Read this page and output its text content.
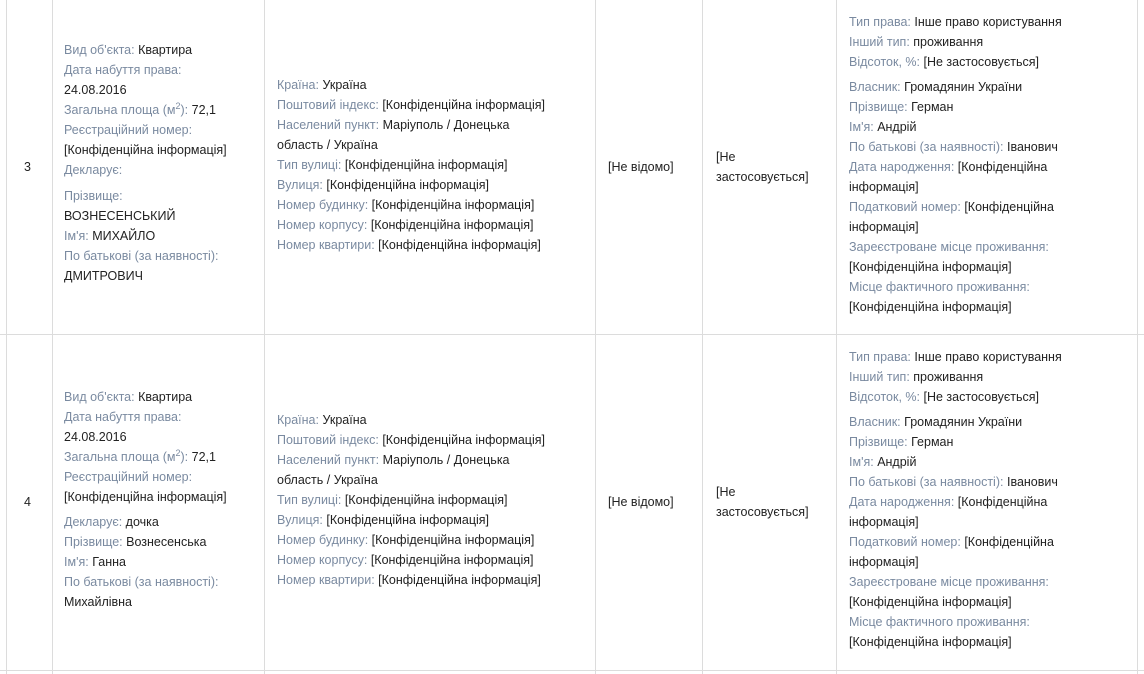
3
Вид об'єкта: Квартира
Дата набуття права:
24.08.2016
Загальна площа $(м^2)$: 72,1
Реєстраційний номер:
[Конфіденційна інформація]
Декларує:
Прізвище:
ВОЗНЕСЕНСЬКИЙ
Ім'я: МИХАЙЛО
По батькові (за наявності):
ДМИТРОВИЧ
Країна: Україна
Поштовий індекс: [Конфіденційна інформація]
Населений пункт: Маріуполь / Донецька
область / Україна
Тип вулиці: [Конфіденційна інформація]
Вулиця: [Конфіденційна інформація]
Номер будинку: [Конфіденційна інформація]
Номер корпусу: [Конфіденційна інформація]
Номер квартири: [Конфіденційна інформація]
[Не відомо]
[Не
застосовується]
Тип права: Інше право користування
Інший тип: проживання
Відсоток, %: [Не застосовується]
Власник: Громадянин України
Прізвище: Герман
Ім'я: Андрій
По батькові (за наявності): Іванович
Дата народження: [Конфіденційна
інформація]
Податковий номер: [Конфіденційна
інформація]
Зареєстроване місце проживання:
[Конфіденційна інформація]
Місце фактичного проживання:
[Конфіденційна інформація]
4
Вид об'єкта: Квартира
Дата набуття права:
24.08.2016
Загальна площа $(м^2)$: 72,1
Реєстраційний номер:
[Конфіденційна інформація]
Декларує: дочка
Прізвище: Вознесенська
Ім'я: Ганна
По батькові (за наявності):
Михайлівна
Країна: Україна
Поштовий індекс: [Конфіденційна інформація]
Населений пункт: Маріуполь / Донецька
область / Україна
Тип вулиці: [Конфіденційна інформація]
Вулиця: [Конфіденційна інформація]
Номер будинку: [Конфіденційна інформація]
Номер корпусу: [Конфіденційна інформація]
Номер квартири: [Конфіденційна інформація]
[Не відомо]
[Не
застосовується]
Тип права: Інше право користування
Інший тип: проживання
Відсоток, %: [Не застосовується]
Власник: Громадянин України
Прізвище: Герман
Ім'я: Андрій
По батькові (за наявності): Іванович
Дата народження: [Конфіденційна
інформація]
Податковий номер: [Конфіденційна
інформація]
Зареєстроване місце проживання:
[Конфіденційна інформація]
Місце фактичного проживання:
[Конфіденційна інформація]
